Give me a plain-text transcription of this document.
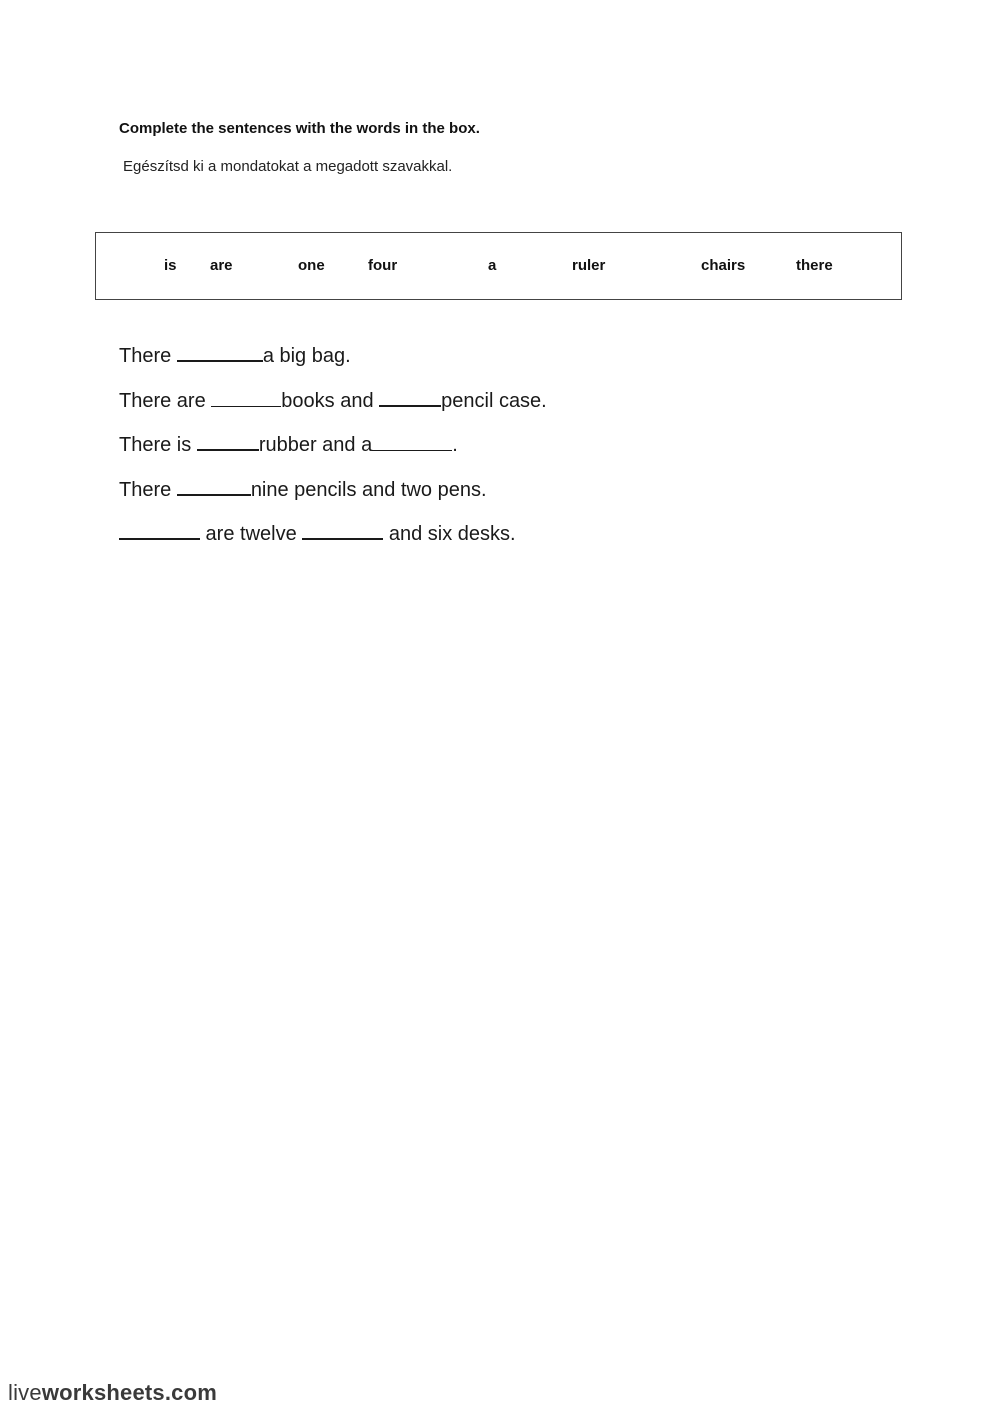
Complete the sentences with the words in the box.
Egészítsd ki a mondatokat a megadott szavakkal.
is are	one	four	a	ruler	chairs	there
There	a big bag.
There are	books and	pencil case.
There is	rubber and a	.
There	nine pencils and two pens.
are twelve	and six desks.
liveworksheets.com
